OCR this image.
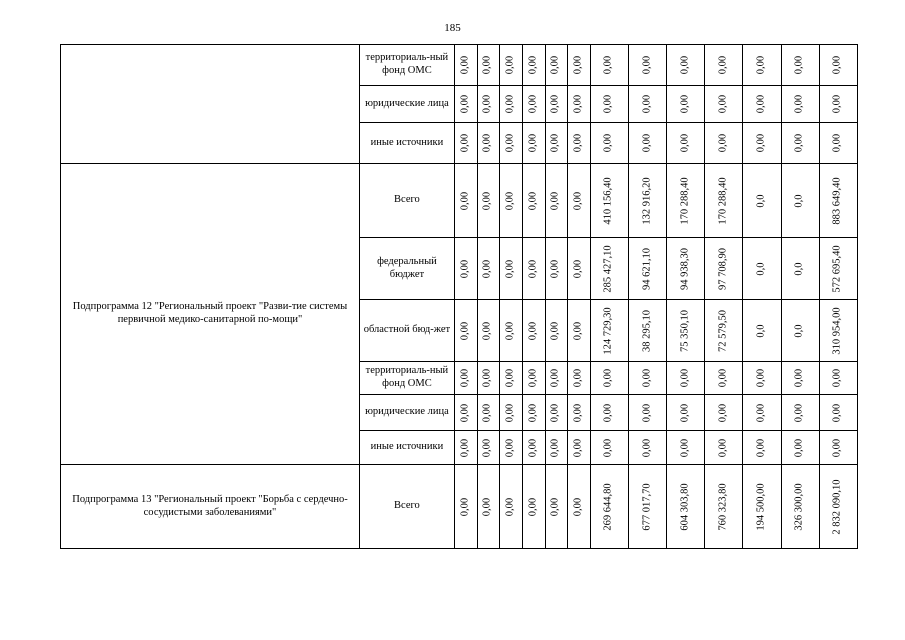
185
	территориаль-ный фонд ОМС	0,00	0,00	0,00	0,00	0,00	0,00	0,00	0,00	0,00	0,00	0,00	0,00	0,00

	юридические лица	0,00	0,00	0,00	0,00	0,00	0,00	0,00	0,00	0,00	0,00	0,00	0,00	0,00

	иные источники	0,00	0,00	0,00	0,00	0,00	0,00	0,00	0,00	0,00	0,00	0,00	0,00	0,00

Подпрограмма 12 "Региональный проект "Разви-тие системы первичной медико-санитарной по-мощи"	Всего	0,00	0,00	0,00	0,00	0,00	0,00	410 156,40	132 916,20	170 288,40	170 288,40	0,0	0,0	883 649,40

	федеральный бюджет	0,00	0,00	0,00	0,00	0,00	0,00	285 427,10	94 621,10	94 938,30	97 708,90	0,0	0,0	572 695,40

	областной бюд-жет	0,00	0,00	0,00	0,00	0,00	0,00	124 729,30	38 295,10	75 350,10	72 579,50	0,0	0,0	310 954,00

	территориаль-ный фонд ОМС	0,00	0,00	0,00	0,00	0,00	0,00	0,00	0,00	0,00	0,00	0,00	0,00	0,00

	юридические лица	0,00	0,00	0,00	0,00	0,00	0,00	0,00	0,00	0,00	0,00	0,00	0,00	0,00

	иные источники	0,00	0,00	0,00	0,00	0,00	0,00	0,00	0,00	0,00	0,00	0,00	0,00	0,00

Подпрограмма 13 "Региональный проект "Борьба с сердечно-сосудистыми заболеваниями"	Всего	0,00	0,00	0,00	0,00	0,00	0,00	269 644,80	677 017,70	604 303,80	760 323,80	194 500,00	326 300,00	2 832 090,10
